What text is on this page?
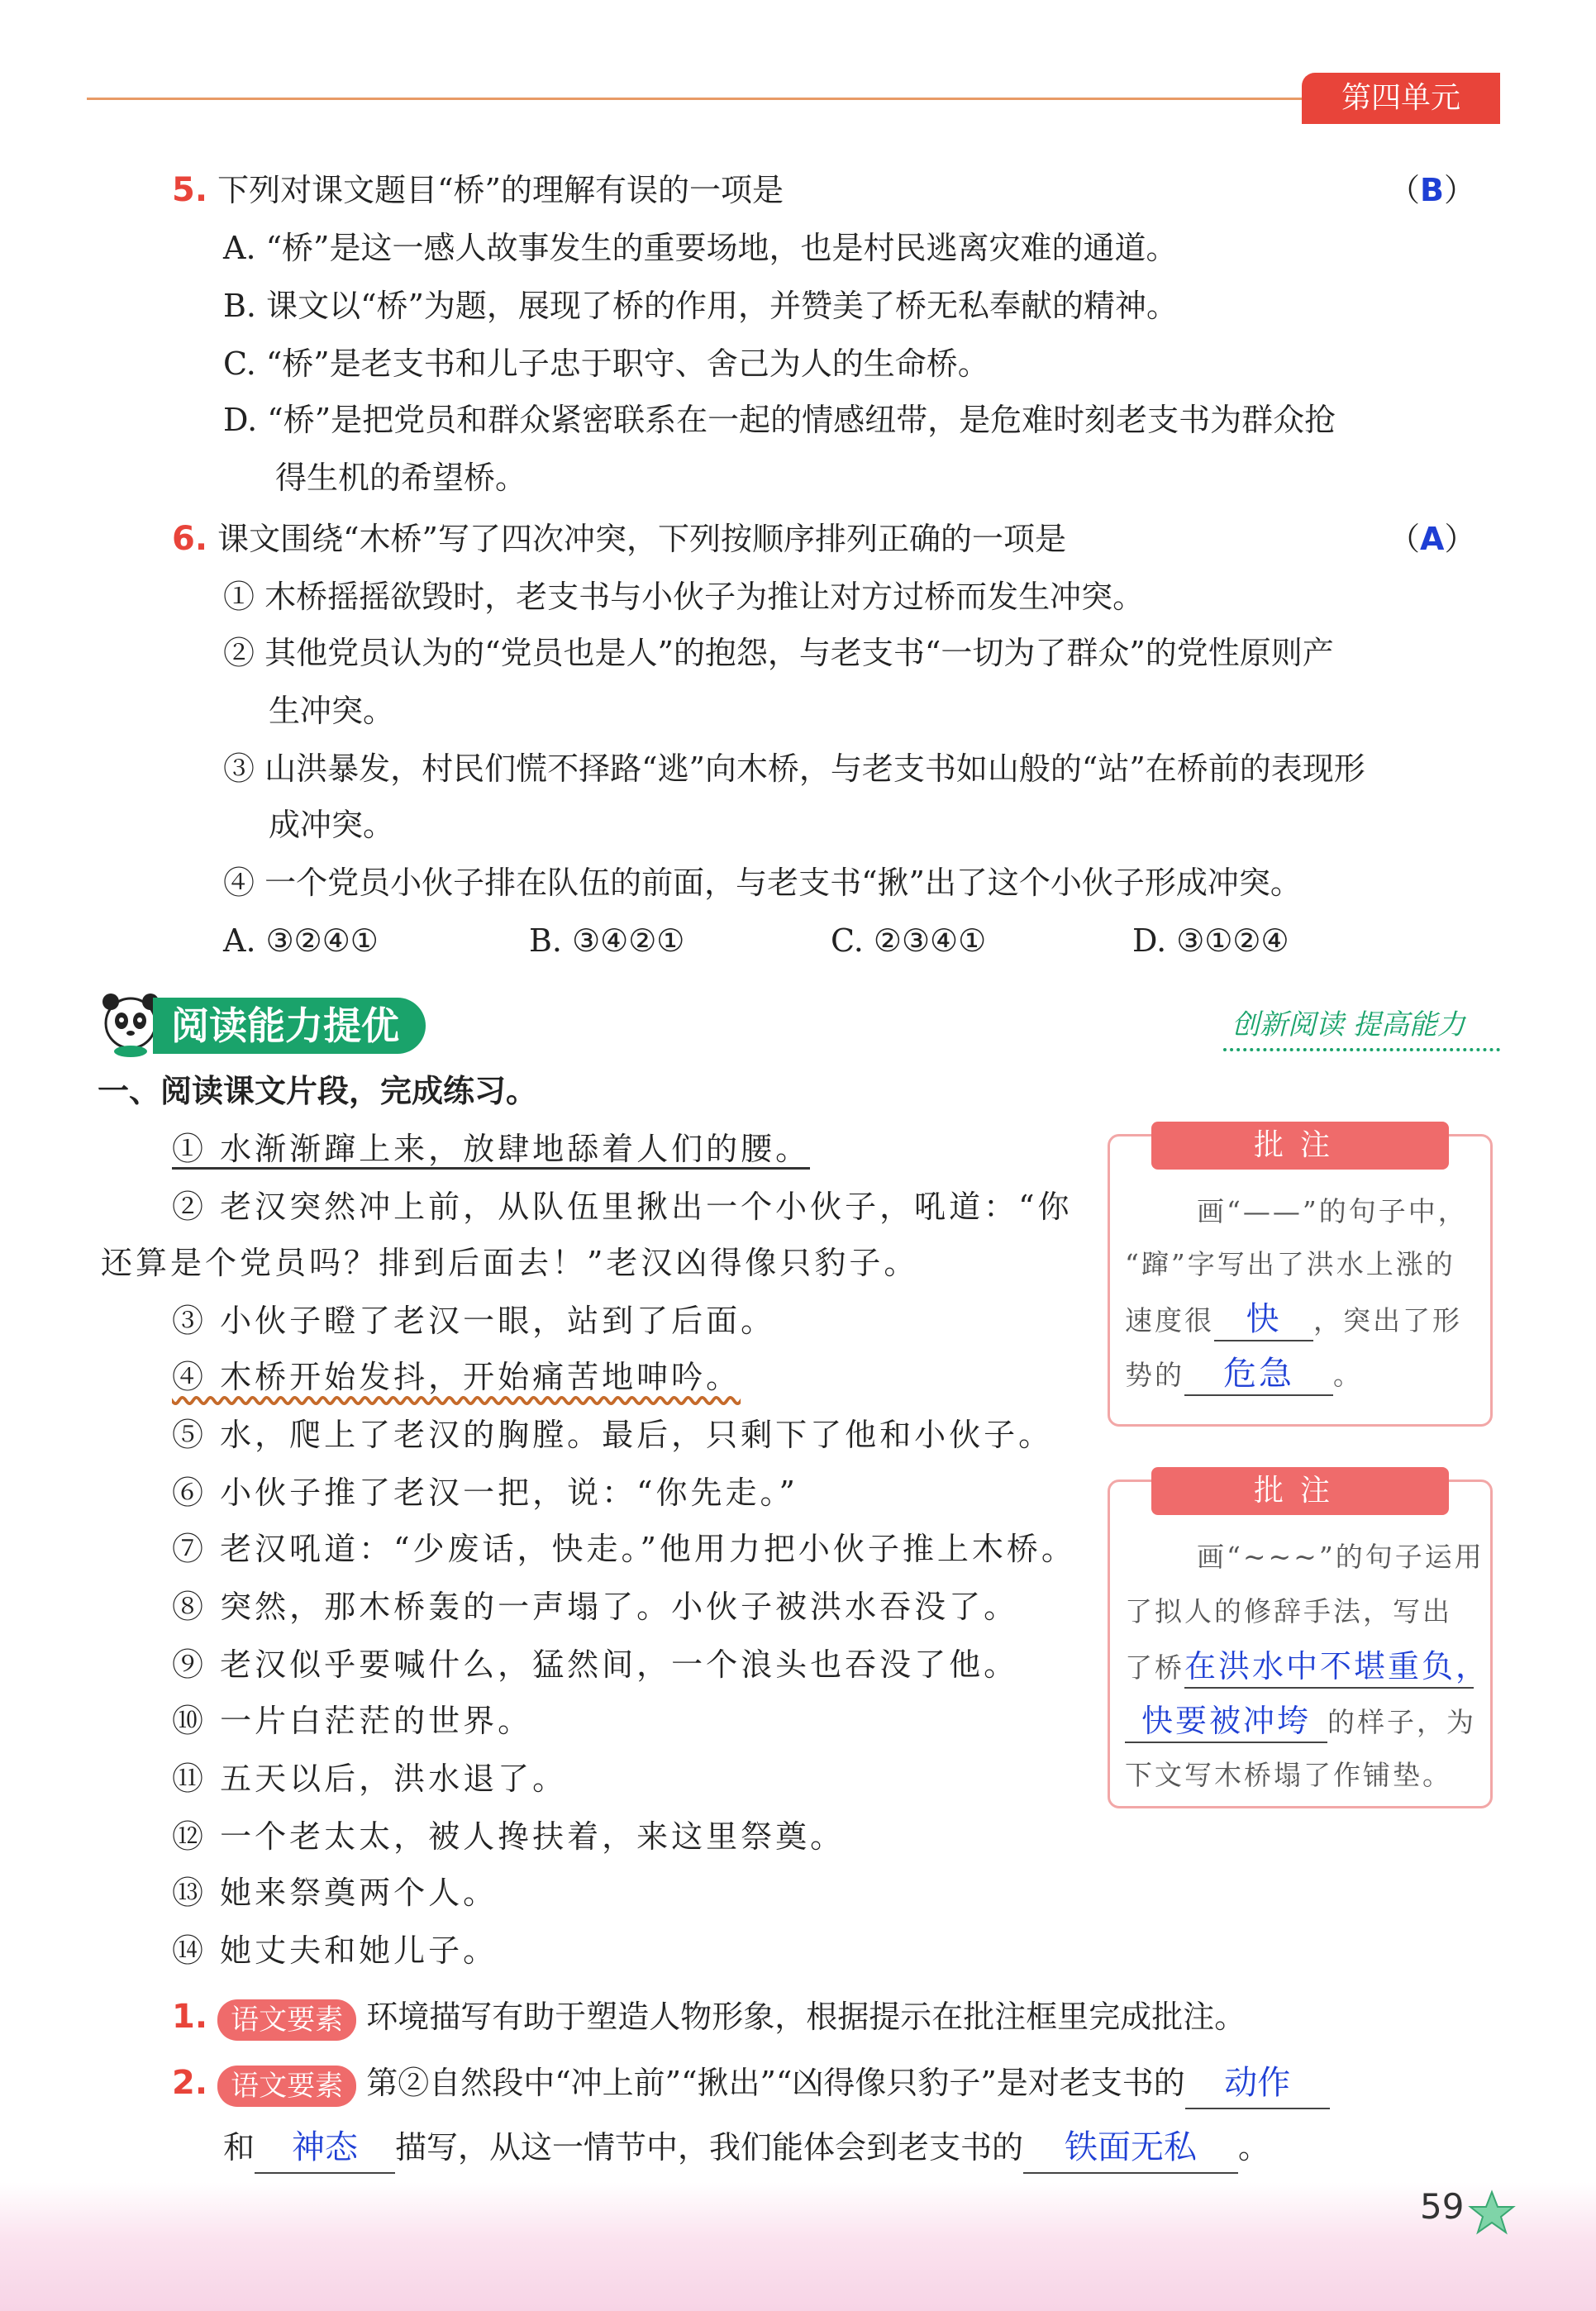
第四单元
5. 下列对课文题目“桥”的理解有误的一项是	（B）
A. “桥”是这一感人故事发生的重要场地，也是村民逃离灾难的通道。
B. 课文以“桥”为题，展现了桥的作用，并赞美了桥无私奉献的精神。
C. “桥”是老支书和儿子忠于职守、舍己为人的生命桥。
D. “桥”是把党员和群众紧密联系在一起的情感纽带，是危难时刻老支书为群众抢
得生机的希望桥。
6. 课文围绕“木桥”写了四次冲突，下列按顺序排列正确的一项是	（A）
① 木桥摇摇欲毁时，老支书与小伙子为推让对方过桥而发生冲突。
② 其他党员认为的“党员也是人”的抱怨，与老支书“一切为了群众”的党性原则产
生冲突。
③ 山洪暴发，村民们慌不择路“逃”向木桥，与老支书如山般的“站”在桥前的表现形
成冲突。
④ 一个党员小伙子排在队伍的前面，与老支书“揪”出了这个小伙子形成冲突。
A. ③②④①	B. ③④②①	C. ②③④①	D. ③①②④
阅读能力提优	创新阅读 提高能力
一、阅读课文片段，完成练习。
① 水渐渐蹿上来，放肆地舔着人们的腰。
② 老汉突然冲上前，从队伍里揪出一个小伙子，吼道：“你
还算是个党员吗？排到后面去！”老汉凶得像只豹子。
③ 小伙子瞪了老汉一眼，站到了后面。
④ 木桥开始发抖，开始痛苦地呻吟。
⑤ 水，爬上了老汉的胸膛。最后，只剩下了他和小伙子。
⑥ 小伙子推了老汉一把，说：“你先走。”
⑦ 老汉吼道：“少废话，快走。”他用力把小伙子推上木桥。
⑧ 突然，那木桥轰的一声塌了。小伙子被洪水吞没了。
⑨ 老汉似乎要喊什么，猛然间，一个浪头也吞没了他。
⑩ 一片白茫茫的世界。
⑪ 五天以后，洪水退了。
⑫ 一个老太太，被人搀扶着，来这里祭奠。
⑬ 她来祭奠两个人。
⑭ 她丈夫和她儿子。
批注
画“——”的句子中，
“蹿”字写出了洪水上涨的
速度很 快 ，突出了形
势的 危急 。
批注
画“~~~”的句子运用
了拟人的修辞手法，写出
了桥在洪水中不堪重负，
快要被冲垮 的样子，为
下文写木桥塌了作铺垫。
1. 语文要素 环境描写有助于塑造人物形象，根据提示在批注框里完成批注。
2. 语文要素 第②自然段中“冲上前”“揪出”“凶得像只豹子”是对老支书的 动作
和 神态 描写，从这一情节中，我们能体会到老支书的 铁面无私 。
59
